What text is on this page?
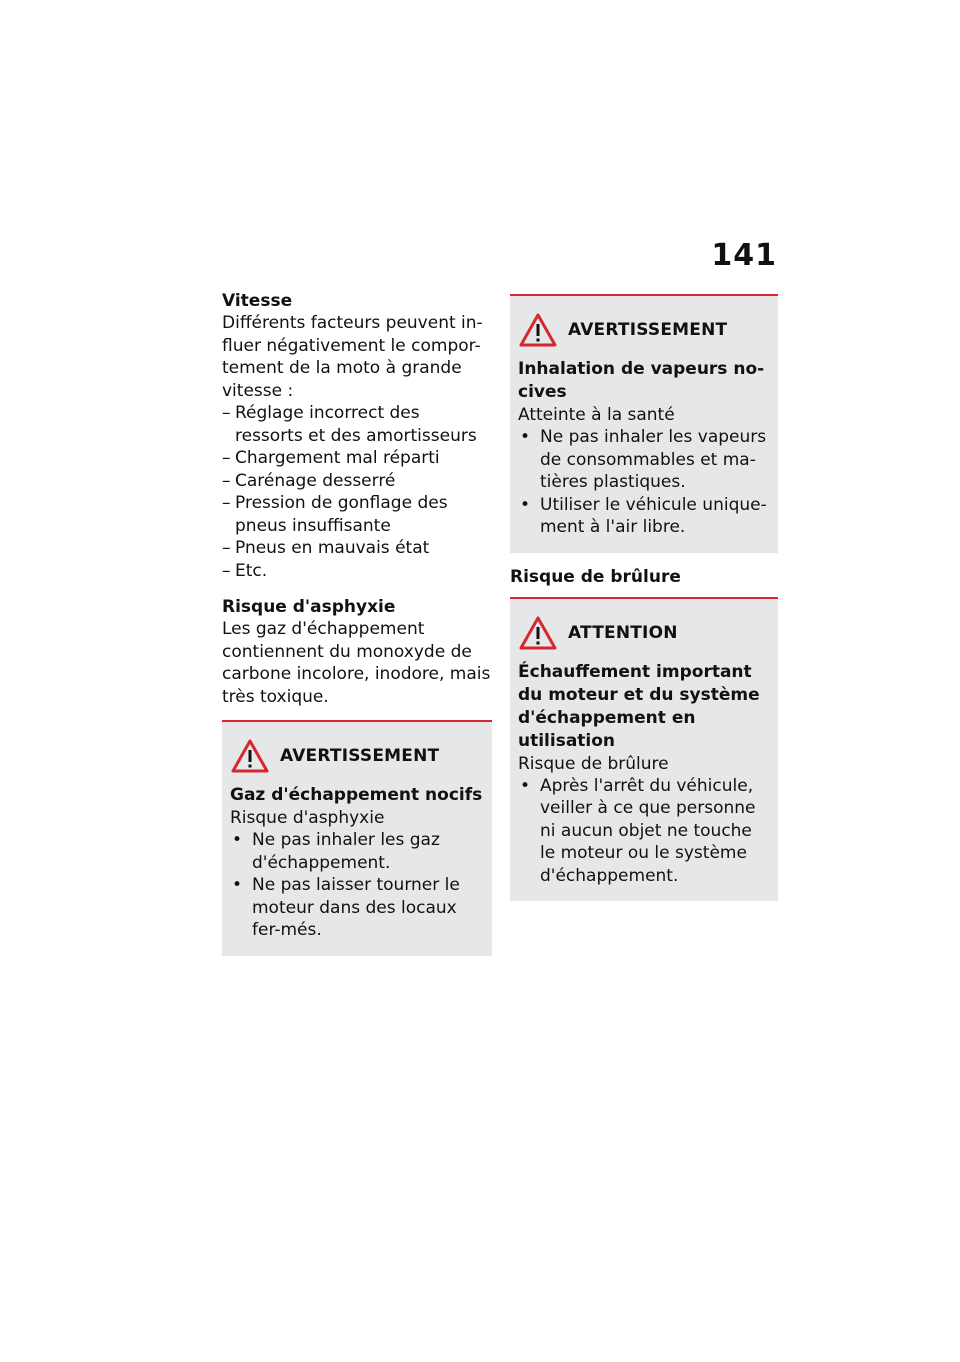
141
Vitesse

Différents facteurs peuvent in-fluer négativement le compor-tement de la moto à grande vitesse :

– Réglage incorrect des ressorts et des amortisseurs
– Chargement mal réparti
– Carénage desserré
– Pression de gonflage des pneus insuffisante
– Pneus en mauvais état
– Etc.
Risque d'asphyxie

Les gaz d'échappement contiennent du monoxyde de carbone incolore, inodore, mais très toxique.

AVERTISSEMENT
Gaz d'échappement nocifs
Risque d'asphyxie
• Ne pas inhaler les gaz d'échappement.
• Ne pas laisser tourner le moteur dans des locaux fer-més.
AVERTISSEMENT
Inhalation de vapeurs no-cives
Atteinte à la santé
• Ne pas inhaler les vapeurs de consommables et ma-tières plastiques.
• Utiliser le véhicule unique-ment à l'air libre.
Risque de brûlure
ATTENTION
Échauffement important du moteur et du système d'échappement en utilisation
Risque de brûlure
• Après l'arrêt du véhicule,
veiller à ce que personne
ni aucun objet ne touche
le moteur ou le système
d'échappement.
